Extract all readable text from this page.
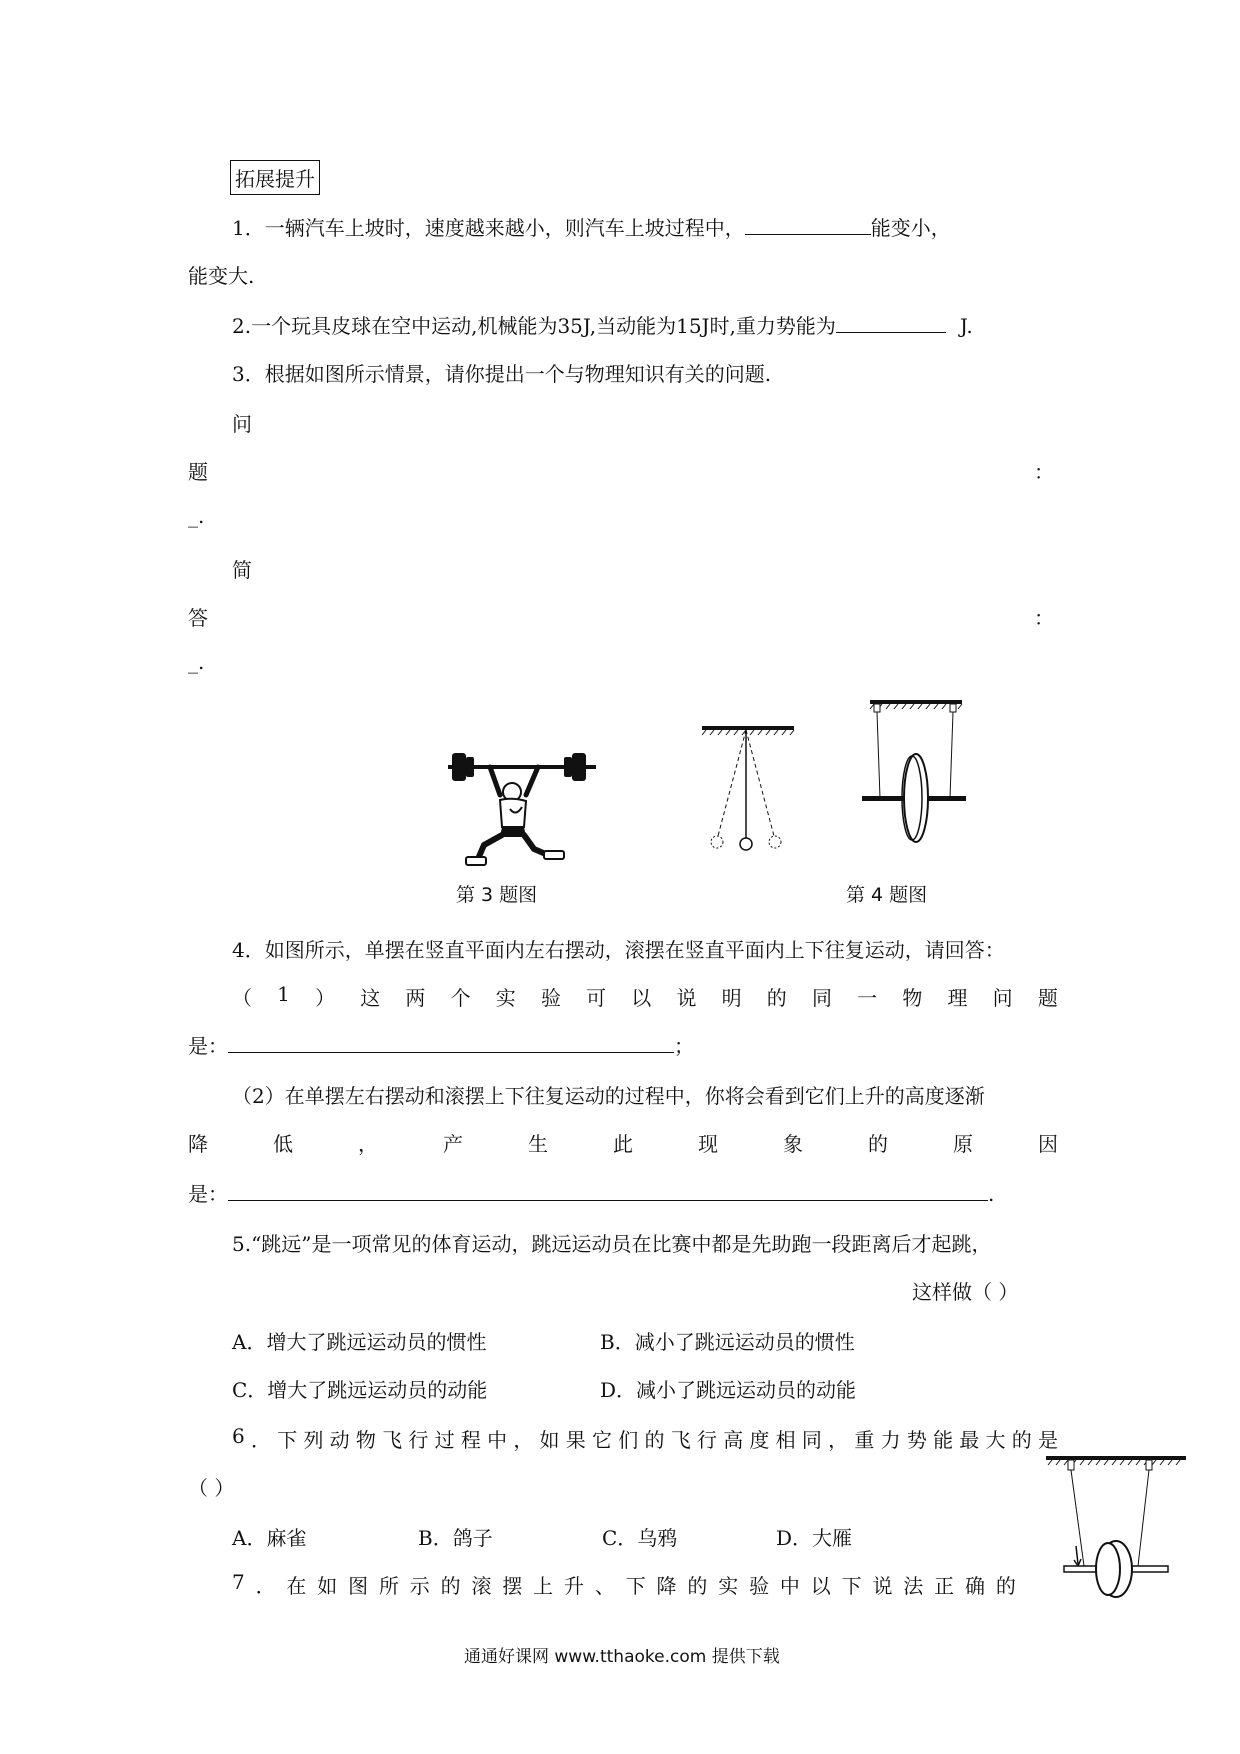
拓展提升
1．一辆汽车上坡时，速度越来越小，则汽车上坡过程中，	能变小，
能变大.
2.一个玩具皮球在空中运动,机械能为35J,当动能为15J时,重力势能为	J.
3．根据如图所示情景，请你提出一个与物理知识有关的问题.
问
题	：
_.
简
答	：
_.
第 3 题图	第 4 题图
4．如图所示，单摆在竖直平面内左右摆动，滚摆在竖直平面内上下往复运动，请回答：
（ 1 ） 这 两 个 实 验 可 以 说 明 的 同 一 物 理 问 题
是：	；
（2）在单摆左右摆动和滚摆上下往复运动的过程中，你将会看到它们上升的高度逐渐
降	低	，	产	生	此	现	象	的	原	因
是：	.
5.“跳远”是一项常见的体育运动，跳远运动员在比赛中都是先助跑一段距离后才起跳，
这样做（ ）
A．增大了跳远运动员的惯性	B．减小了跳远运动员的惯性
C．增大了跳远运动员的动能	D．减小了跳远运动员的动能
6 ． 下 列 动 物 飞 行 过 程 中 ， 如 果 它 们 的 飞 行 高 度 相 同 ， 重 力 势 能 最 大 的 是
（ ）
A．麻雀	B．鸽子	C．乌鸦	D．大雁
7 ． 在 如 图 所 示 的 滚 摆 上 升 、 下 降 的 实 验 中 以 下 说 法 正 确 的
通通好课网 www.tthaoke.com 提供下载
